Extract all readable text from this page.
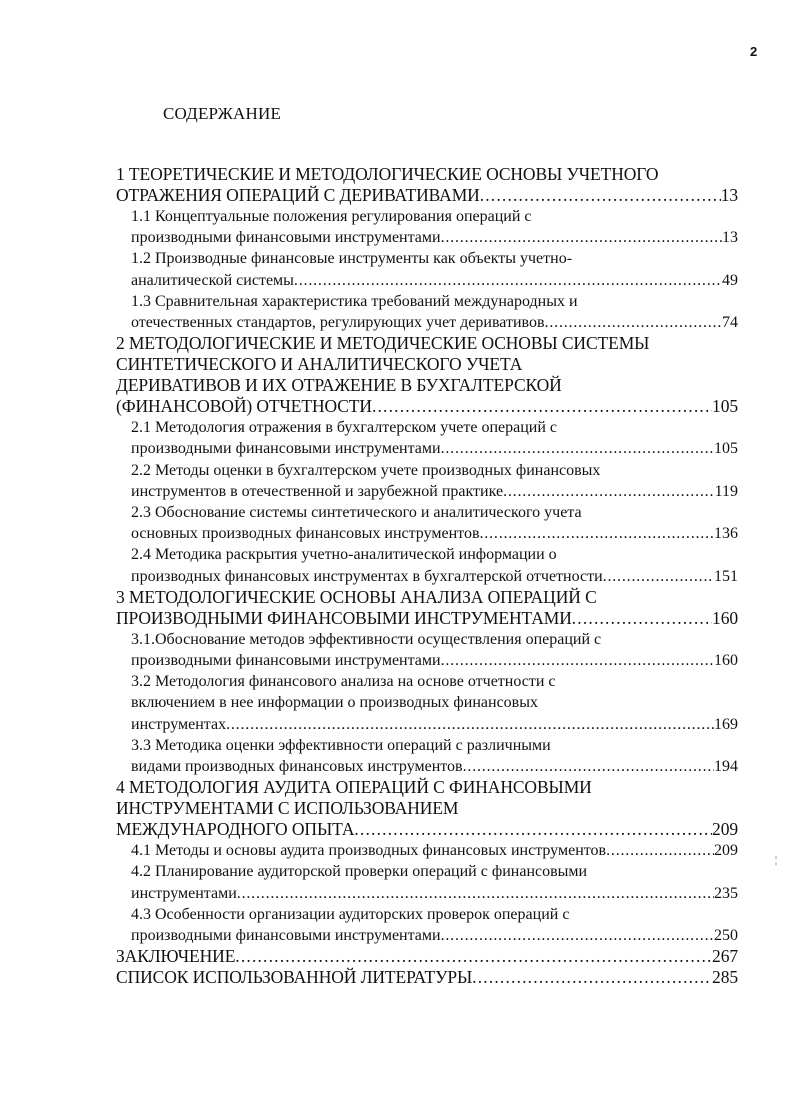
2
СОДЕРЖАНИЕ
1 ТЕОРЕТИЧЕСКИЕ И МЕТОДОЛОГИЧЕСКИЕ ОСНОВЫ УЧЕТНОГО
ОТРАЖЕНИЯ ОПЕРАЦИЙ С ДЕРИВАТИВАМИ . . .	13
1.1 Концептуальные положения регулирования операций с
производными финансовыми инструментами . . .	13
1.2 Производные финансовые инструменты как объекты учетно-
аналитической системы . . .	49
1.3 Сравнительная характеристика требований международных и
отечественных стандартов, регулирующих учет деривативов . . .	74
2 МЕТОДОЛОГИЧЕСКИЕ И МЕТОДИЧЕСКИЕ ОСНОВЫ СИСТЕМЫ
СИНТЕТИЧЕСКОГО И АНАЛИТИЧЕСКОГО УЧЕТА
ДЕРИВАТИВОВ И ИХ ОТРАЖЕНИЕ В БУХГАЛТЕРСКОЙ
(ФИНАНСОВОЙ) ОТЧЕТНОСТИ . . .	105
2.1 Методология отражения в бухгалтерском учете операций с
производными финансовыми инструментами . . .	105
2.2 Методы оценки в бухгалтерском учете производных финансовых
инструментов в отечественной и зарубежной практике . . .	119
2.3 Обоснование системы синтетического и аналитического учета
основных производных финансовых инструментов . . .	136
2.4 Методика раскрытия учетно-аналитической информации о
производных финансовых инструментах в бухгалтерской отчетности . . .	151
3 МЕТОДОЛОГИЧЕСКИЕ ОСНОВЫ АНАЛИЗА ОПЕРАЦИЙ С
ПРОИЗВОДНЫМИ ФИНАНСОВЫМИ ИНСТРУМЕНТАМИ . . .	160
3.1.Обоснование методов эффективности осуществления операций с
производными финансовыми инструментами . . .	160
3.2 Методология финансового анализа на основе отчетности с
включением в нее информации о производных финансовых
инструментах . . .	169
3.3 Методика оценки эффективности операций с различными
видами производных финансовых инструментов . . .	194
4 МЕТОДОЛОГИЯ АУДИТА ОПЕРАЦИЙ С ФИНАНСОВЫМИ
ИНСТРУМЕНТАМИ С ИСПОЛЬЗОВАНИЕМ
МЕЖДУНАРОДНОГО ОПЫТА . . .	209
4.1 Методы и основы аудита производных финансовых инструментов . . .	209
4.2 Планирование аудиторской проверки операций с финансовыми
инструментами . . .	235
4.3 Особенности организации аудиторских проверок операций с
производными финансовыми инструментами . . .	250
ЗАКЛЮЧЕНИЕ . . .	267
СПИСОК ИСПОЛЬЗОВАННОЙ ЛИТЕРАТУРЫ . . .	285
¦
